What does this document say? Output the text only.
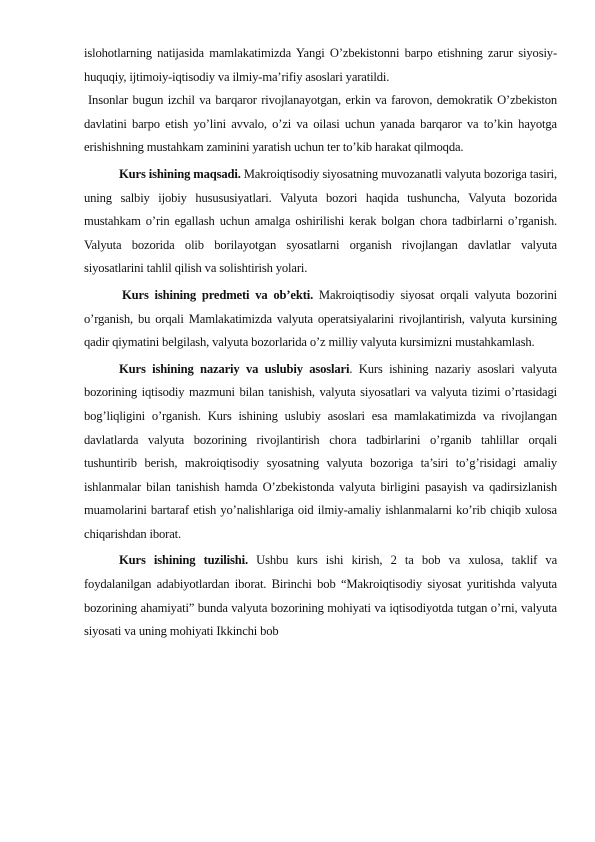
islohotlarning natijasida mamlakatimizda Yangi O’zbekistonni barpo etishning zarur siyosiy-huquqiy, ijtimoiy-iqtisodiy va ilmiy-ma’rifiy asoslari yaratildi.

Insonlar bugun izchil va barqaror rivojlanayotgan, erkin va farovon, demokratik O’zbekiston davlatini barpo etish yo’lini avvalo, o’zi va oilasi uchun yanada barqaror va to’kin hayotga erishishning mustahkam zaminini yaratish uchun ter to’kib harakat qilmoqda.

Kurs ishining maqsadi. Makroiqtisodiy siyosatning muvozanatli valyuta bozoriga tasiri, uning salbiy ijobiy husususiyatlari. Valyuta bozori haqida tushuncha, Valyuta bozorida mustahkam o’rin egallash uchun amalga oshirilishi kerak bolgan chora tadbirlarni o’rganish. Valyuta bozorida olib borilayotgan syosatlarni organish rivojlangan davlatlar valyuta siyosatlarini tahlil qilish va solishtirish yolari.

Kurs ishining predmeti va ob’ekti. Makroiqtisodiy siyosat orqali valyuta bozorini o’rganish, bu orqali Mamlakatimizda valyuta operatsiyalarini rivojlantirish, valyuta kursining qadir qiymatini belgilash, valyuta bozorlarida o’z milliy valyuta kursimizni mustahkamlash.

Kurs ishining nazariy va uslubiy asoslari. Kurs ishining nazariy asoslari valyuta bozorining iqtisodiy mazmuni bilan tanishish, valyuta siyosatlari va valyuta tizimi o’rtasidagi bog’liqligini o’rganish. Kurs ishining uslubiy asoslari esa mamlakatimizda va rivojlangan davlatlarda valyuta bozorining rivojlantirish chora tadbirlarini o’rganib tahlillar orqali tushuntirib berish, makroiqtisodiy syosatning valyuta bozoriga ta’siri to’g’risidagi amaliy ishlanmalar bilan tanishish hamda O’zbekistonda valyuta birligini pasayish va qadirsizlanish muamolarini bartaraf etish yo’nalishlariga oid ilmiy-amaliy ishlanmalarni ko’rib chiqib xulosa chiqarishdan iborat.

Kurs ishining tuzilishi. Ushbu kurs ishi kirish, 2 ta bob va xulosa, taklif va foydalanilgan adabiyotlardan iborat. Birinchi bob “Makroiqtisodiy siyosat yuritishda valyuta bozorining ahamiyati” bunda valyuta bozorining mohiyati va iqtisodiyotda tutgan o’rni, valyuta siyosati va uning mohiyati Ikkinchi bob
